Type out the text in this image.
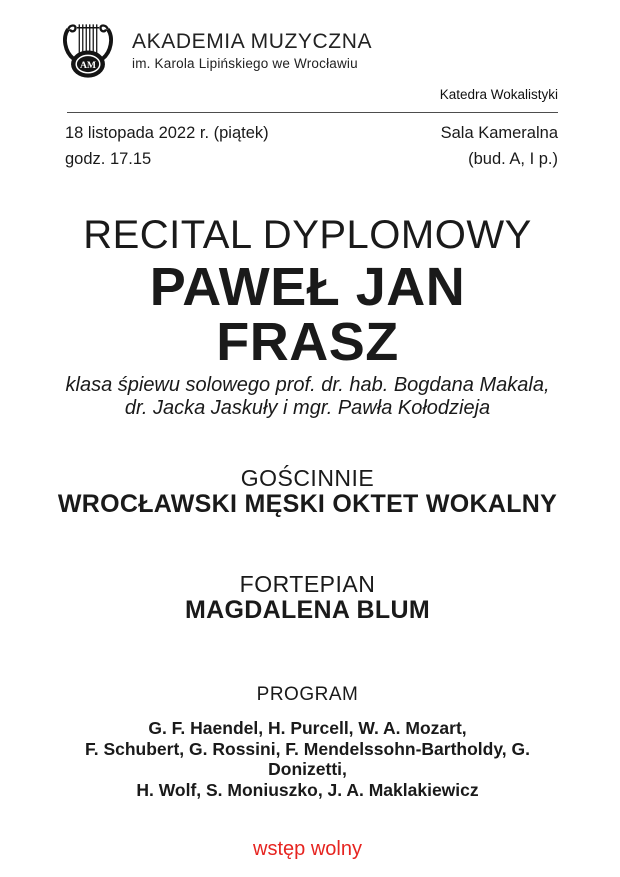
AM
AKADEMIA MUZYCZNA
im. Karola Lipińskiego we Wrocławiu
Katedra Wokalistyki
18 listopada 2022 r. (piątek)
godz. 17.15
Sala Kameralna
(bud. A, I p.)
RECITAL DYPLOMOWY
PAWEŁ JAN
FRASZ
klasa śpiewu solowego prof. dr. hab. Bogdana Makala,
dr. Jacka Jaskuły i mgr. Pawła Kołodzieja
GOŚCINNIE
WROCŁAWSKI MĘSKI OKTET WOKALNY
FORTEPIAN
MAGDALENA BLUM
PROGRAM
G. F. Haendel, H. Purcell, W. A. Mozart,
F. Schubert, G. Rossini, F. Mendelssohn-Bartholdy, G. Donizetti,
H. Wolf, S. Moniuszko, J. A. Maklakiewicz
wstęp wolny
